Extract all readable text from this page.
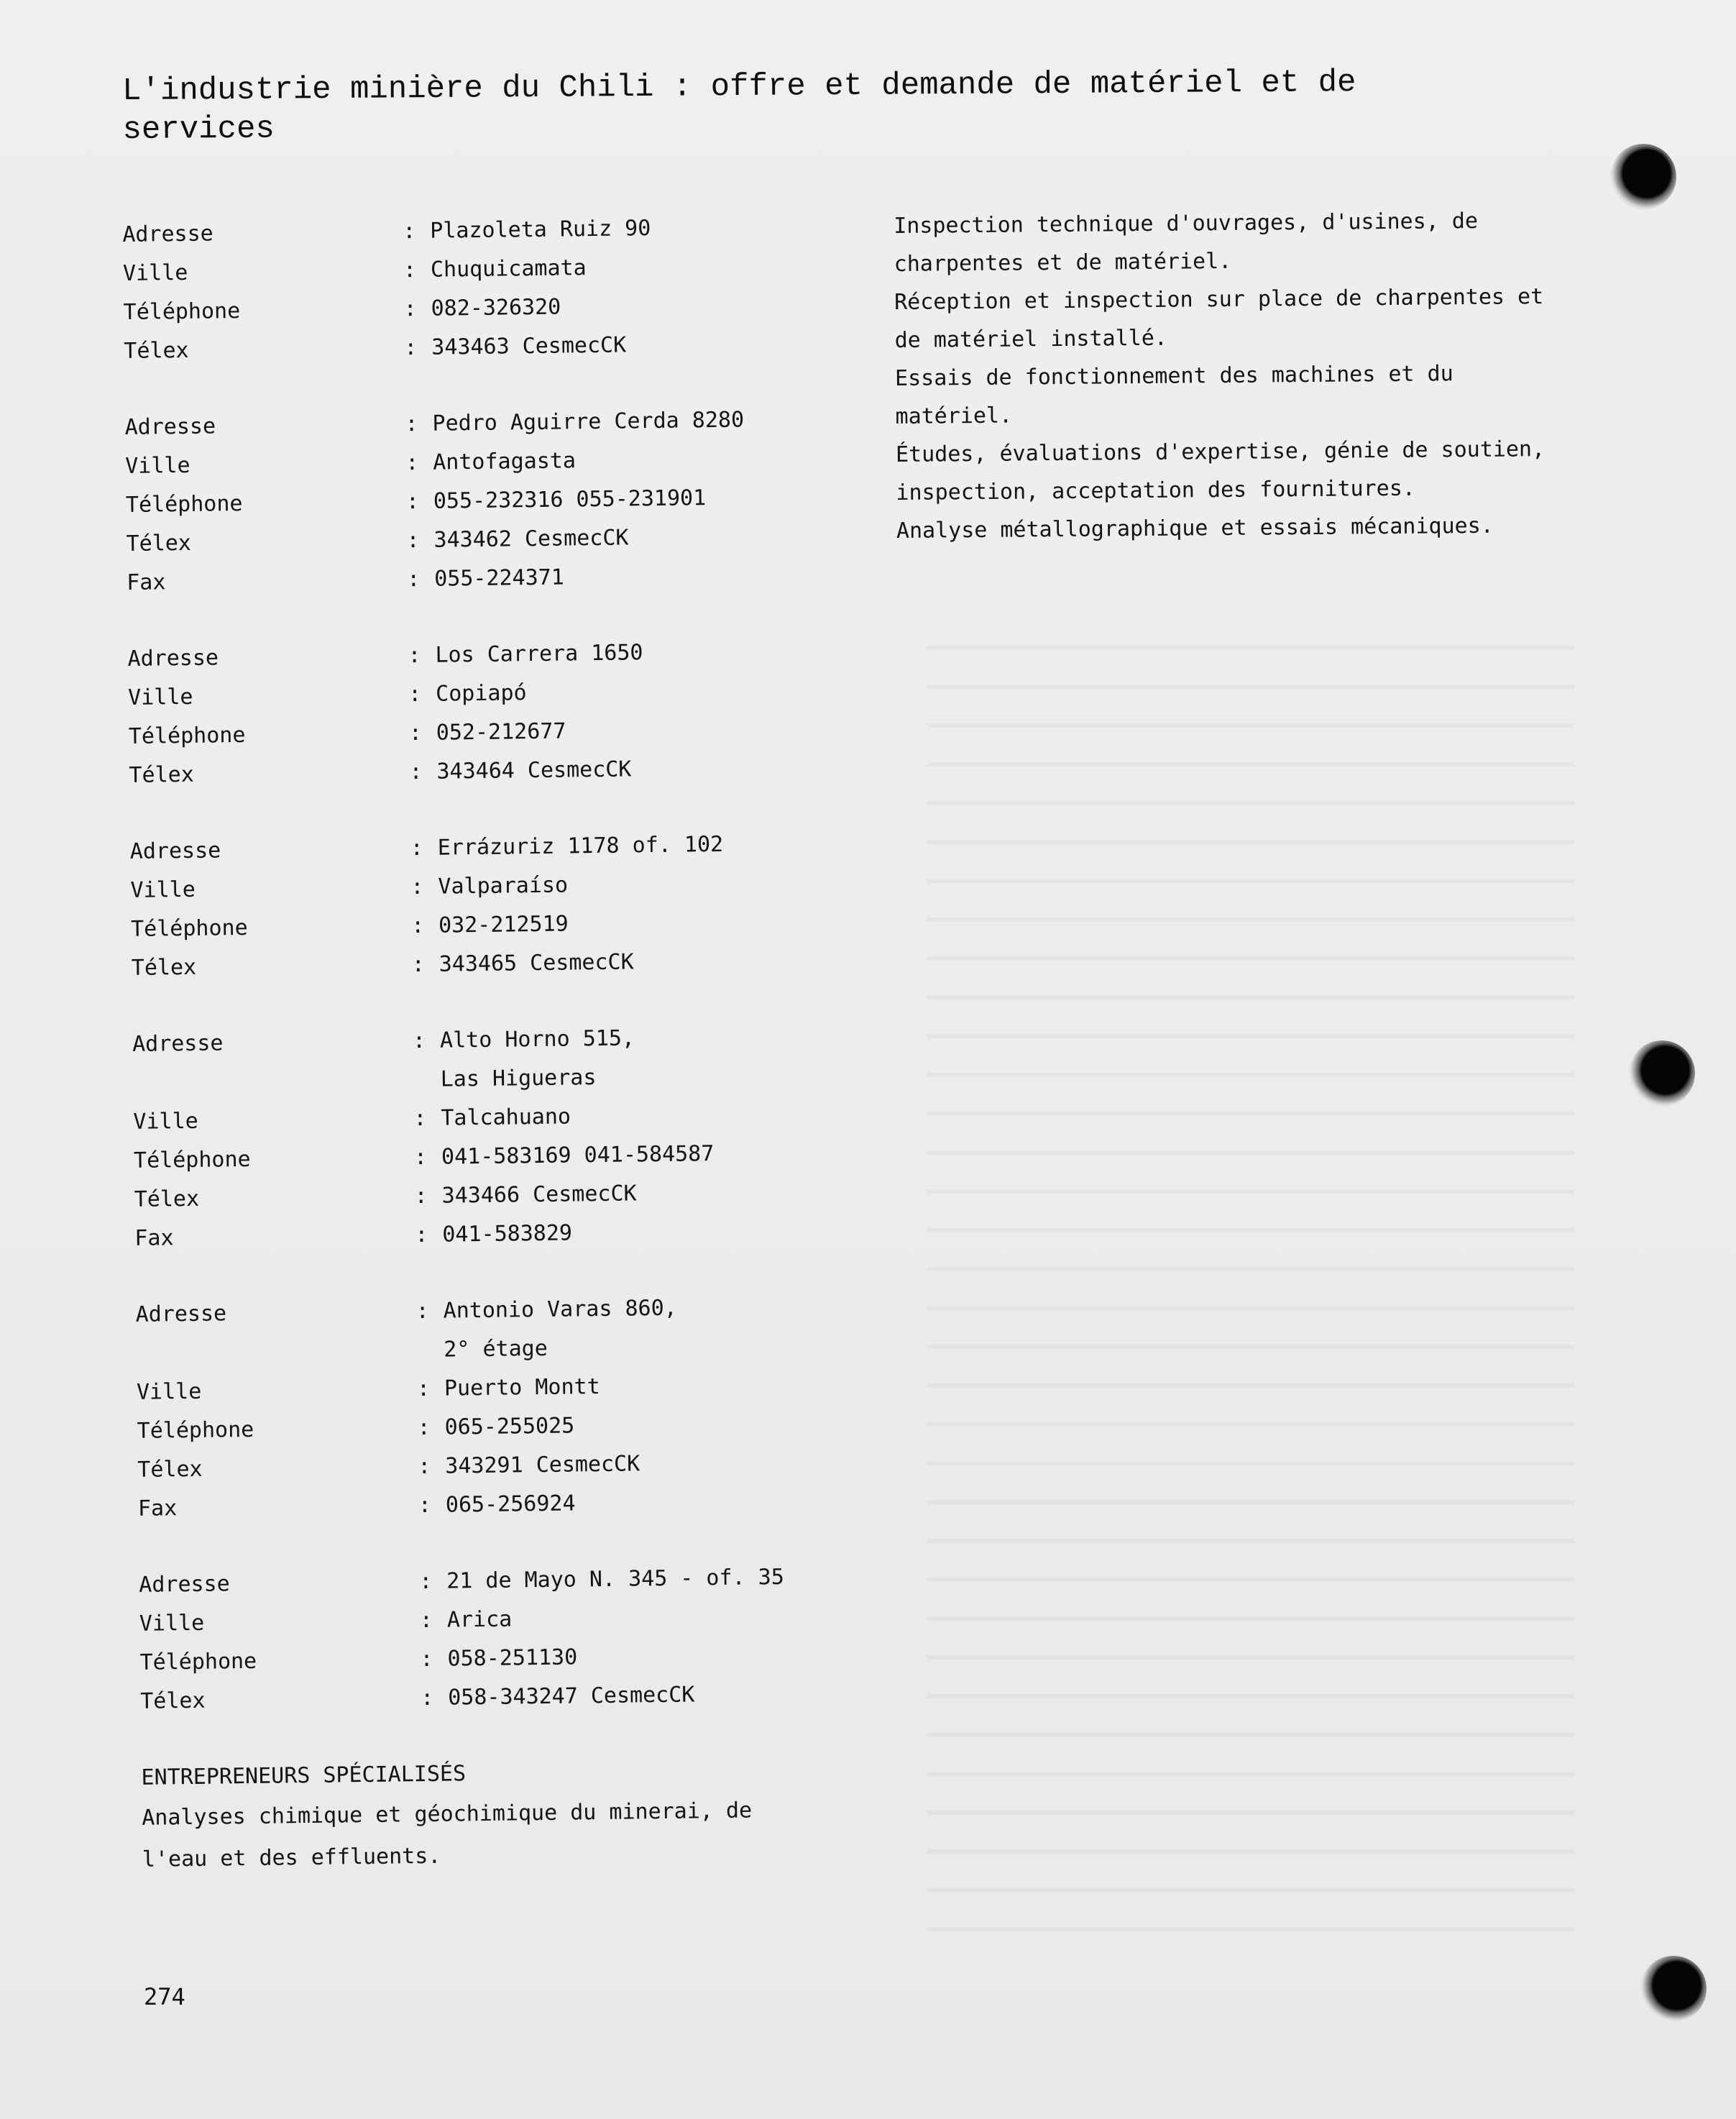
L'industrie minière du Chili : offre et demande de matériel et de
services
Adresse	: Plazoleta Ruiz 90
Ville	: Chuquicamata
Téléphone	: 082-326320
Télex	: 343463 CesmecCK
Adresse	: Pedro Aguirre Cerda 8280
Ville	: Antofagasta
Téléphone	: 055-232316 055-231901
Télex	: 343462 CesmecCK
Fax	: 055-224371
Adresse	: Los Carrera 1650
Ville	: Copiapó
Téléphone	: 052-212677
Télex	: 343464 CesmecCK
Adresse	: Errázuriz 1178 of. 102
Ville	: Valparaíso
Téléphone	: 032-212519
Télex	: 343465 CesmecCK
Adresse	: Alto Horno 515,
Las Higueras
Ville	: Talcahuano
Téléphone	: 041-583169 041-584587
Télex	: 343466 CesmecCK
Fax	: 041-583829
Adresse	: Antonio Varas 860,
2° étage
Ville	: Puerto Montt
Téléphone	: 065-255025
Télex	: 343291 CesmecCK
Fax	: 065-256924
Adresse	: 21 de Mayo N. 345 - of. 35
Ville	: Arica
Téléphone	: 058-251130
Télex	: 058-343247 CesmecCK
ENTREPRENEURS SPÉCIALISÉS
Analyses chimique et géochimique du minerai, de
l'eau et des effluents.
Inspection technique d'ouvrages, d'usines, de
charpentes et de matériel.
Réception et inspection sur place de charpentes et
de matériel installé.
Essais de fonctionnement des machines et du
matériel.
Études, évaluations d'expertise, génie de soutien,
inspection, acceptation des fournitures.
Analyse métallographique et essais mécaniques.
274
